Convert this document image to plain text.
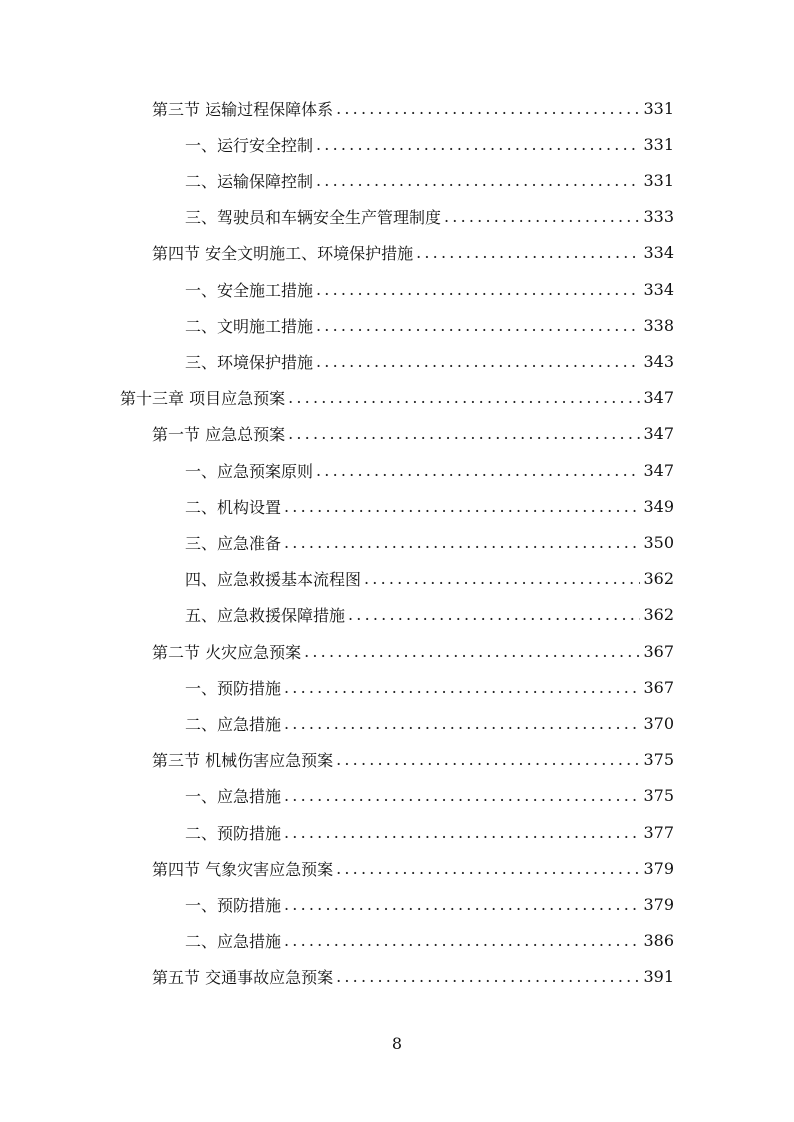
第三节 运输过程保障体系 .....	331
一、运行安全控制 .....	331
二、运输保障控制 .....	331
三、驾驶员和车辆安全生产管理制度 .....	333
第四节 安全文明施工、环境保护措施 .....	334
一、安全施工措施 .....	334
二、文明施工措施 .....	338
三、环境保护措施 .....	343
第十三章 项目应急预案 .....	347
第一节 应急总预案 .....	347
一、应急预案原则 .....	347
二、机构设置 .....	349
三、应急准备 .....	350
四、应急救援基本流程图 .....	362
五、应急救援保障措施 .....	362
第二节 火灾应急预案 .....	367
一、预防措施 .....	367
二、应急措施 .....	370
第三节 机械伤害应急预案 .....	375
一、应急措施 .....	375
二、预防措施 .....	377
第四节 气象灾害应急预案 .....	379
一、预防措施 .....	379
二、应急措施 .....	386
第五节 交通事故应急预案 .....	391
8
